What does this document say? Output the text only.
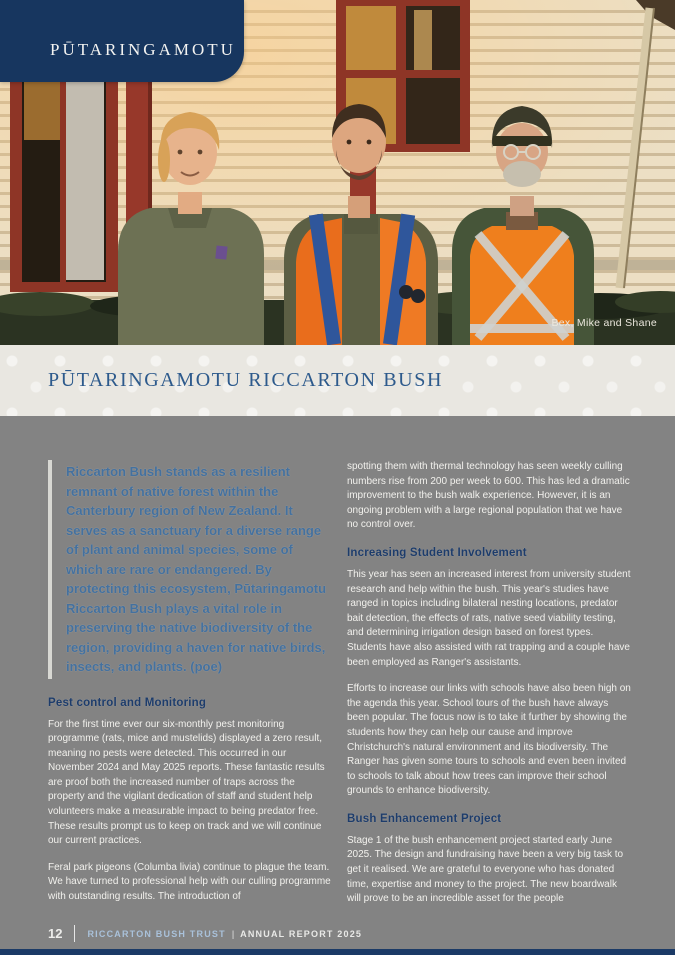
PŪTARINGAMOTU
Bex, Mike and Shane
PŪTARINGAMOTU RICCARTON BUSH
Riccarton Bush stands as a resilient remnant of native forest within the Canterbury region of New Zealand. It serves as a sanctuary for a diverse range of plant and animal species, some of which are rare or endangered. By protecting this ecosystem, Pūtaringamotu Riccarton Bush plays a vital role in preserving the native biodiversity of the region, providing a haven for native birds, insects, and plants. (poe)
Pest control and Monitoring

For the first time ever our six-monthly pest monitoring programme (rats, mice and mustelids) displayed a zero result, meaning no pests were detected. This occurred in our November 2024 and May 2025 reports. These fantastic results are proof both the increased number of traps across the property and the vigilant dedication of staff and student help volunteers make a measurable impact to being predator free. These results prompt us to keep on track and we will continue our current practices.

Feral park pigeons (Columba livia) continue to plague the team. We have turned to professional help with our culling programme with outstanding results. The introduction of

spotting them with thermal technology has seen weekly culling numbers rise from 200 per week to 600. This has led a dramatic improvement to the bush walk experience. However, it is an ongoing problem with a large regional population that we have no control over.

Increasing Student Involvement

This year has seen an increased interest from university student research and help within the bush. This year's studies have ranged in topics including bilateral nesting locations, predator bait detection, the effects of rats, native seed viability testing, and determining irrigation design based on forest types. Students have also assisted with rat trapping and a couple have been employed as Ranger's assistants.

Efforts to increase our links with schools have also been high on the agenda this year. School tours of the bush have always been popular. The focus now is to take it further by showing the students how they can help our cause and improve Christchurch's natural environment and its biodiversity. The Ranger has given some tours to schools and even been invited to schools to talk about how trees can improve their school grounds to enhance biodiversity.

Bush Enhancement Project

Stage 1 of the bush enhancement project started early June 2025. The design and fundraising have been a very big task to get it realised. We are grateful to everyone who has donated time, expertise and money to the project. The new boardwalk will prove to be an incredible asset for the people

12	RICCARTON BUSH TRUST | ANNUAL REPORT 2025
